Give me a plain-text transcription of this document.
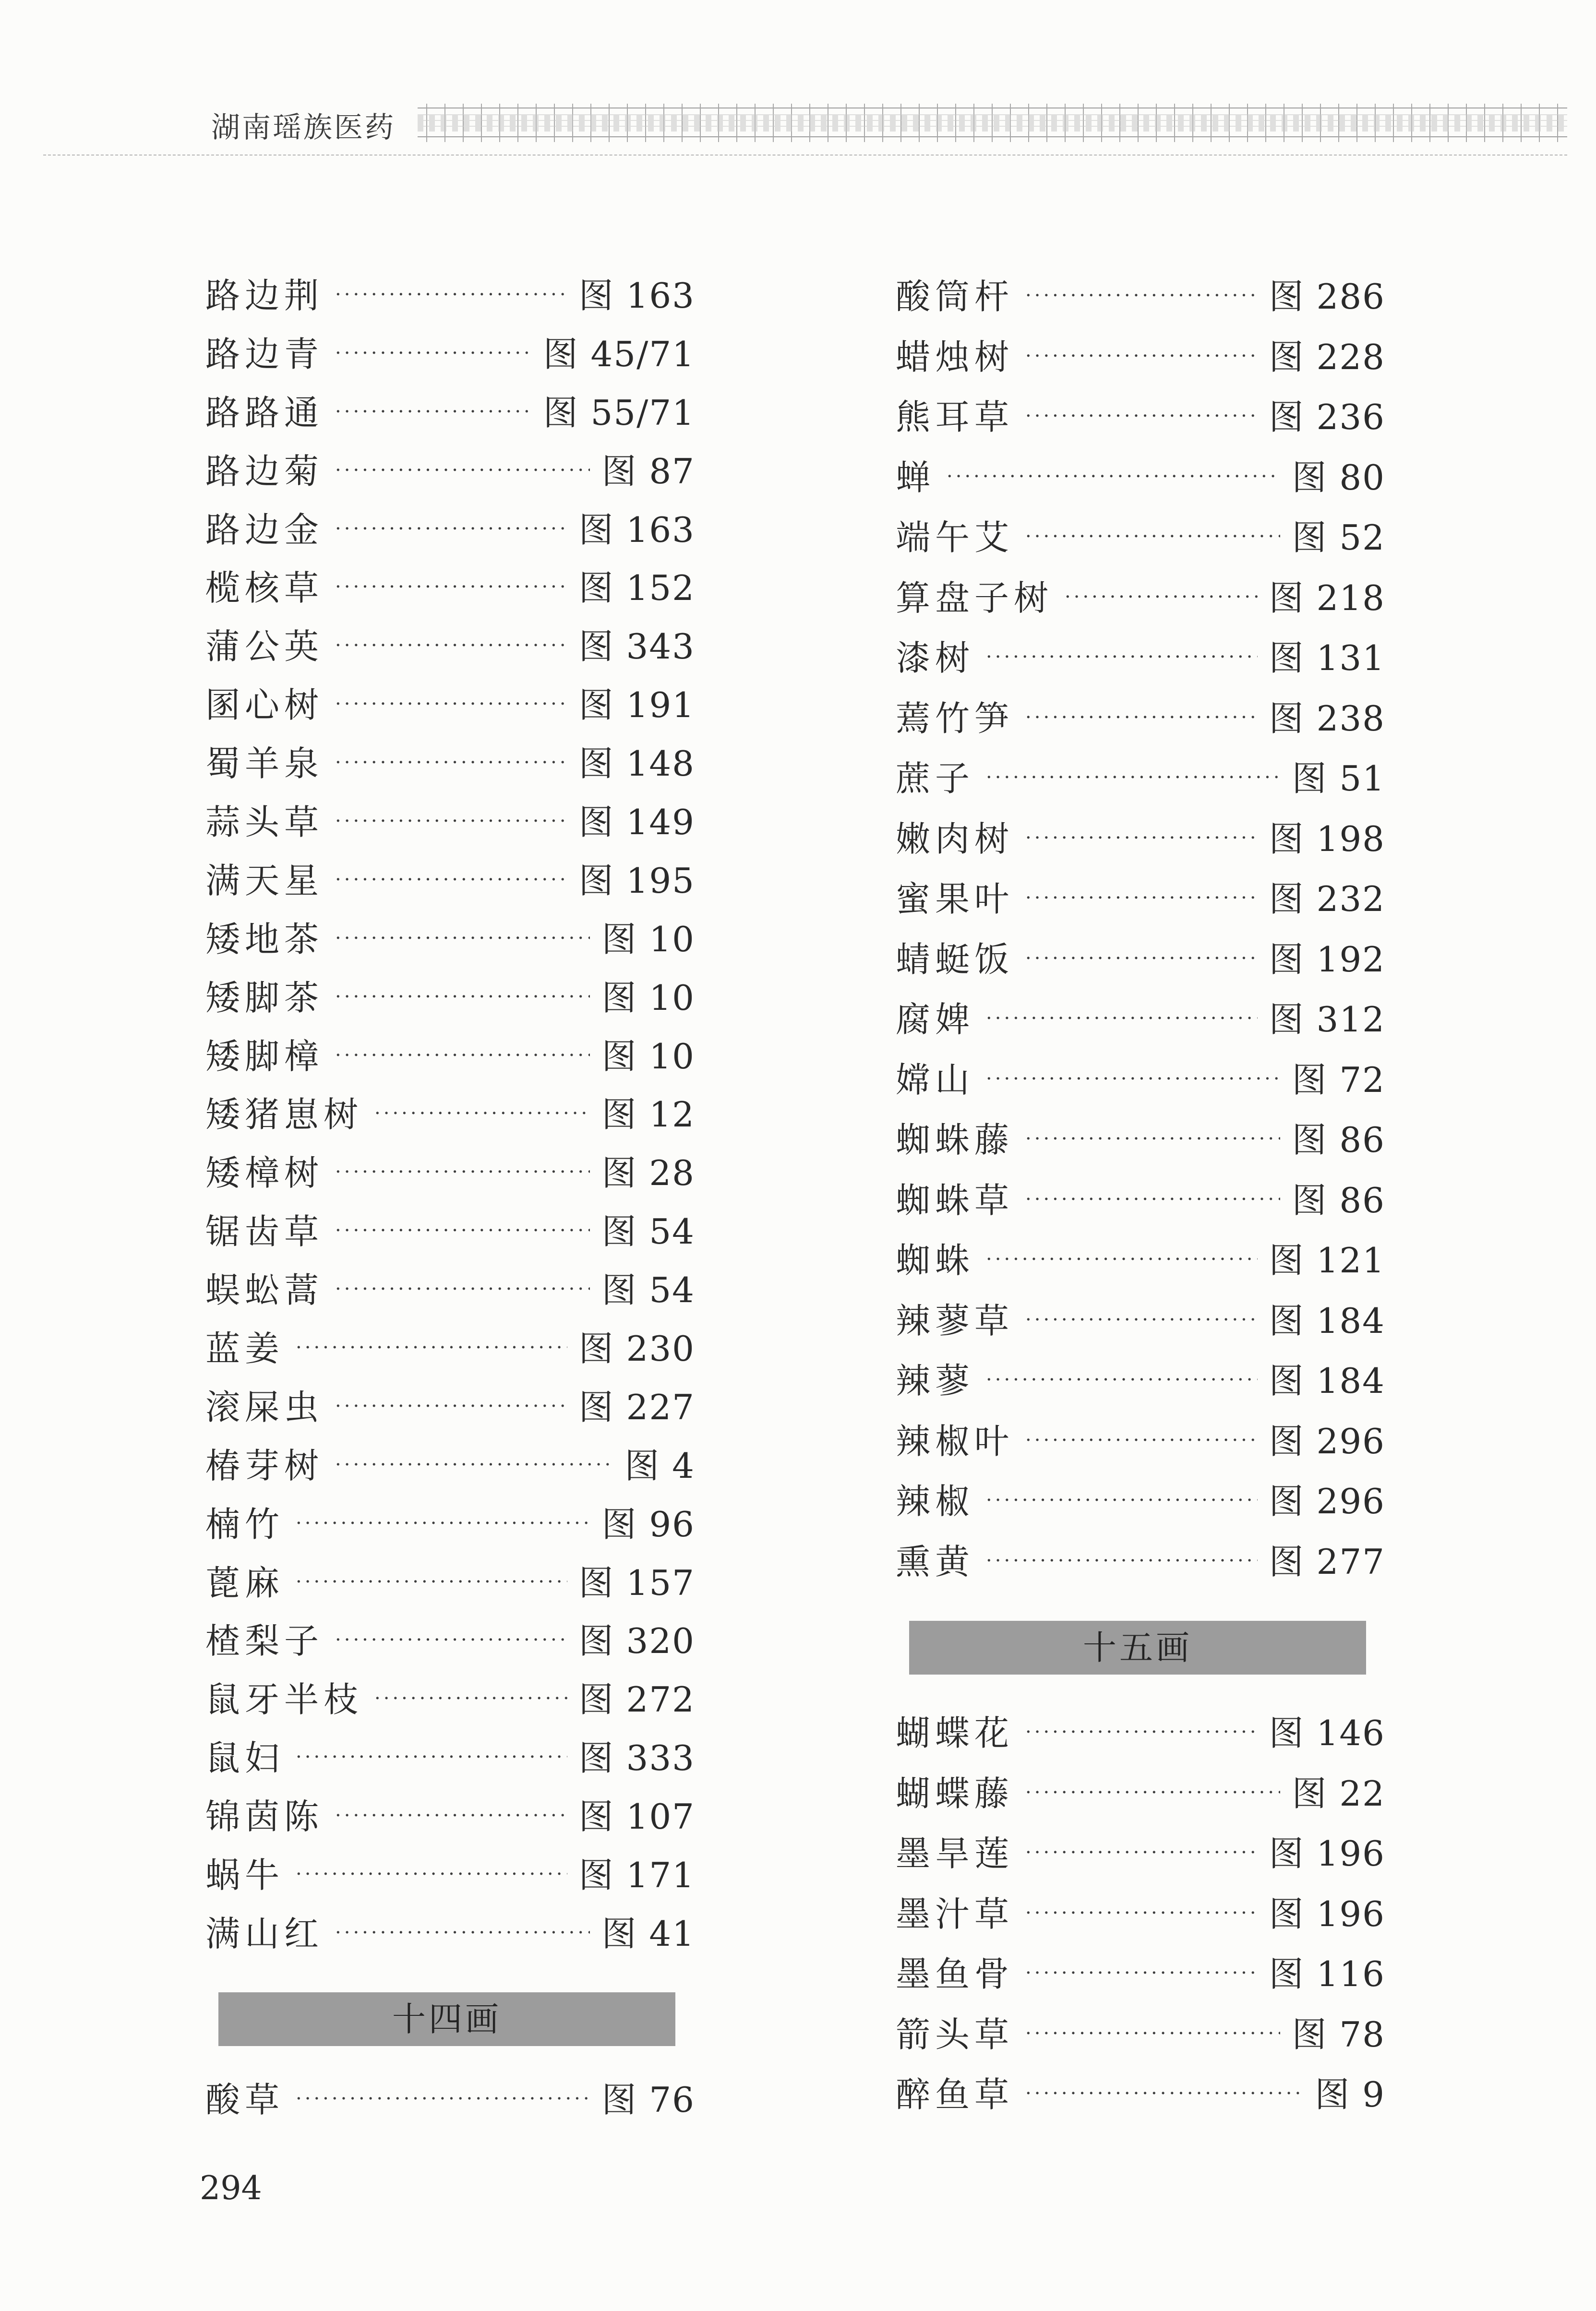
湖南瑶族医药
路边荆 ·····	图 163
路边青 ·····	图 45/71
路路通 ·····	图 55/71
路边菊 ·····	图 87
路边金 ·····	图 163
榄核草 ·····	图 152
蒲公英 ·····	图 343
圂心树 ·····	图 191
蜀羊泉 ·····	图 148
蒜头草 ·····	图 149
满天星 ·····	图 195
矮地茶 ·····	图 10
矮脚茶 ·····	图 10
矮脚樟 ·····	图 10
矮猪崽树 ·····	图 12
矮樟树 ·····	图 28
锯齿草 ·····	图 54
蜈蚣蒿 ·····	图 54
蓝姜 ·····	图 230
滚屎虫 ·····	图 227
椿芽树 ·····	图 4
楠竹 ·····	图 96
蓖麻 ·····	图 157
楂梨子 ·····	图 320
鼠牙半枝 ·····	图 272
鼠妇 ·····	图 333
锦茵陈 ·····	图 107
蜗牛 ·····	图 171
满山红 ·····	图 41
十四画
酸草 ·····	图 76
酸筒杆 ·····	图 286
蜡烛树 ·····	图 228
熊耳草 ·····	图 236
蝉 ·····	图 80
端午艾 ·····	图 52
算盘子树 ·····	图 218
漆树 ·····	图 131
蔫竹笋 ·····	图 238
蔗子 ·····	图 51
嫩肉树 ·····	图 198
蜜果叶 ·····	图 232
蜻蜓饭 ·····	图 192
腐婢 ·····	图 312
嫦山 ·····	图 72
蜘蛛藤 ·····	图 86
蜘蛛草 ·····	图 86
蜘蛛 ·····	图 121
辣蓼草 ·····	图 184
辣蓼 ·····	图 184
辣椒叶 ·····	图 296
辣椒 ·····	图 296
熏黄 ·····	图 277
十五画
蝴蝶花 ·····	图 146
蝴蝶藤 ·····	图 22
墨旱莲 ·····	图 196
墨汁草 ·····	图 196
墨鱼骨 ·····	图 116
箭头草 ·····	图 78
醉鱼草 ·····	图 9
294
